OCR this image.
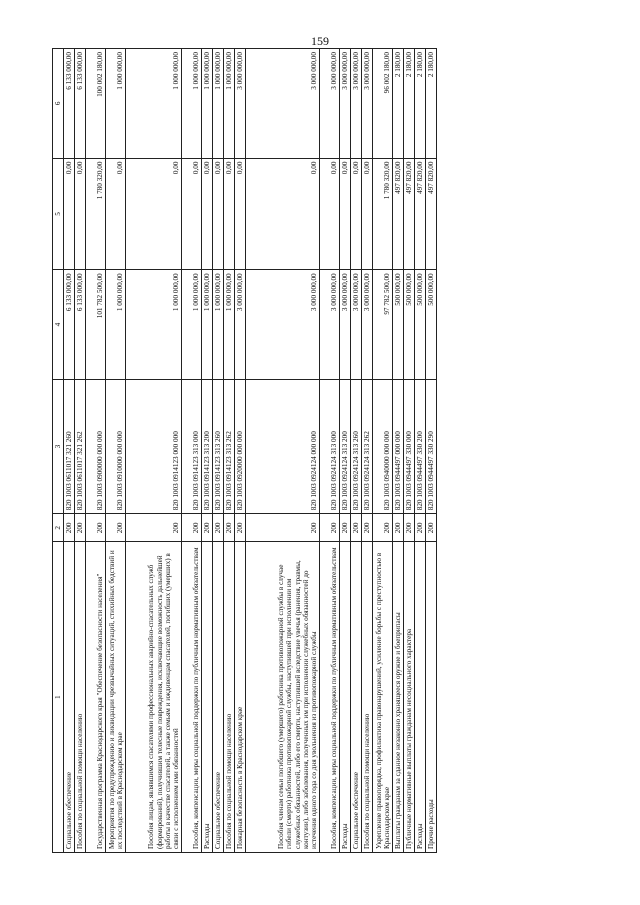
159
1	2	3	4	5	6
Социальное обеспечение	200	820 1003 0611017 321 260	6 133 000,00	0,00	6 133 000,00
Пособия по социальной помощи населению	200	820 1003 0611017 321 262	6 133 000,00	0,00	6 133 000,00
Государственная программа Краснодарского края "Обеспечение безопасности населения"	200	820 1003 0900000 000 000	101 782 500,00	1 780 320,00	100 002 180,00
Мероприятия по предупреждению и ликвидации чрезвычайных ситуаций, стихийных бедствий и их последствий в Краснодарском крае	200	820 1003 0910000 000 000	1 000 000,00	0,00	1 000 000,00
Пособия лицам, являвшимся спасателями профессиональных аварийно-спасательных служб (формирований), получившим телесные повреждения, исключающие возможность дальнейшей работы в качестве спасателей, а также семьям и иждивенцам спасателей, погибших (умерших) в связи с исполнением ими обязанностей	200	820 1003 0914123 000 000	1 000 000,00	0,00	1 000 000,00
Пособия, компенсации, меры социальной поддержки по публичным нормативным обязательствам	200	820 1003 0914123 313 000	1 000 000,00	0,00	1 000 000,00
Расходы	200	820 1003 0914123 313 200	1 000 000,00	0,00	1 000 000,00
Социальное обеспечение	200	820 1003 0914123 313 260	1 000 000,00	0,00	1 000 000,00
Пособия по социальной помощи населению	200	820 1003 0914123 313 262	1 000 000,00	0,00	1 000 000,00
Пожарная безопасность в Краснодарском крае	200	820 1003 0920000 000 000	3 000 000,00	0,00	3 000 000,00
Пособия членам семьи погибшего (умершего) работника противопожарной службы в случае гибели (смерти) работника противопожарной службы, наступившей при исполнении им служебных обязанностей, либо его смерти, наступившей вследствие увечья (ранения, травмы, контузии), либо заболевания, полученных им при исполнении служебных обязанностей до истечения одного года со дня увольнения из противопожарной службы	200	820 1003 0924124 000 000	3 000 000,00	0,00	3 000 000,00
Пособия, компенсации, меры социальной поддержки по публичным нормативным обязательствам	200	820 1003 0924124 313 000	3 000 000,00	0,00	3 000 000,00
Расходы	200	820 1003 0924124 313 200	3 000 000,00	0,00	3 000 000,00
Социальное обеспечение	200	820 1003 0924124 313 260	3 000 000,00	0,00	3 000 000,00
Пособия по социальной помощи населению	200	820 1003 0924124 313 262	3 000 000,00	0,00	3 000 000,00
Укрепление правопорядка, профилактика правонарушений, усиление борьбы с преступностью в Краснодарском крае	200	820 1003 0940000 000 000	97 782 500,00	1 780 320,00	96 002 180,00
Выплаты гражданам за сданное незаконно хранящееся оружие и боеприпасы	200	820 1003 0944497 000 000	500 000,00	497 820,00	2 180,00
Публичные нормативные выплаты гражданам несоциального характера	200	820 1003 0944497 330 000	500 000,00	497 820,00	2 180,00
Расходы	200	820 1003 0944497 330 200	500 000,00	497 820,00	2 180,00
Прочие расходы	200	820 1003 0944497 330 290	500 000,00	497 820,00	2 180,00
